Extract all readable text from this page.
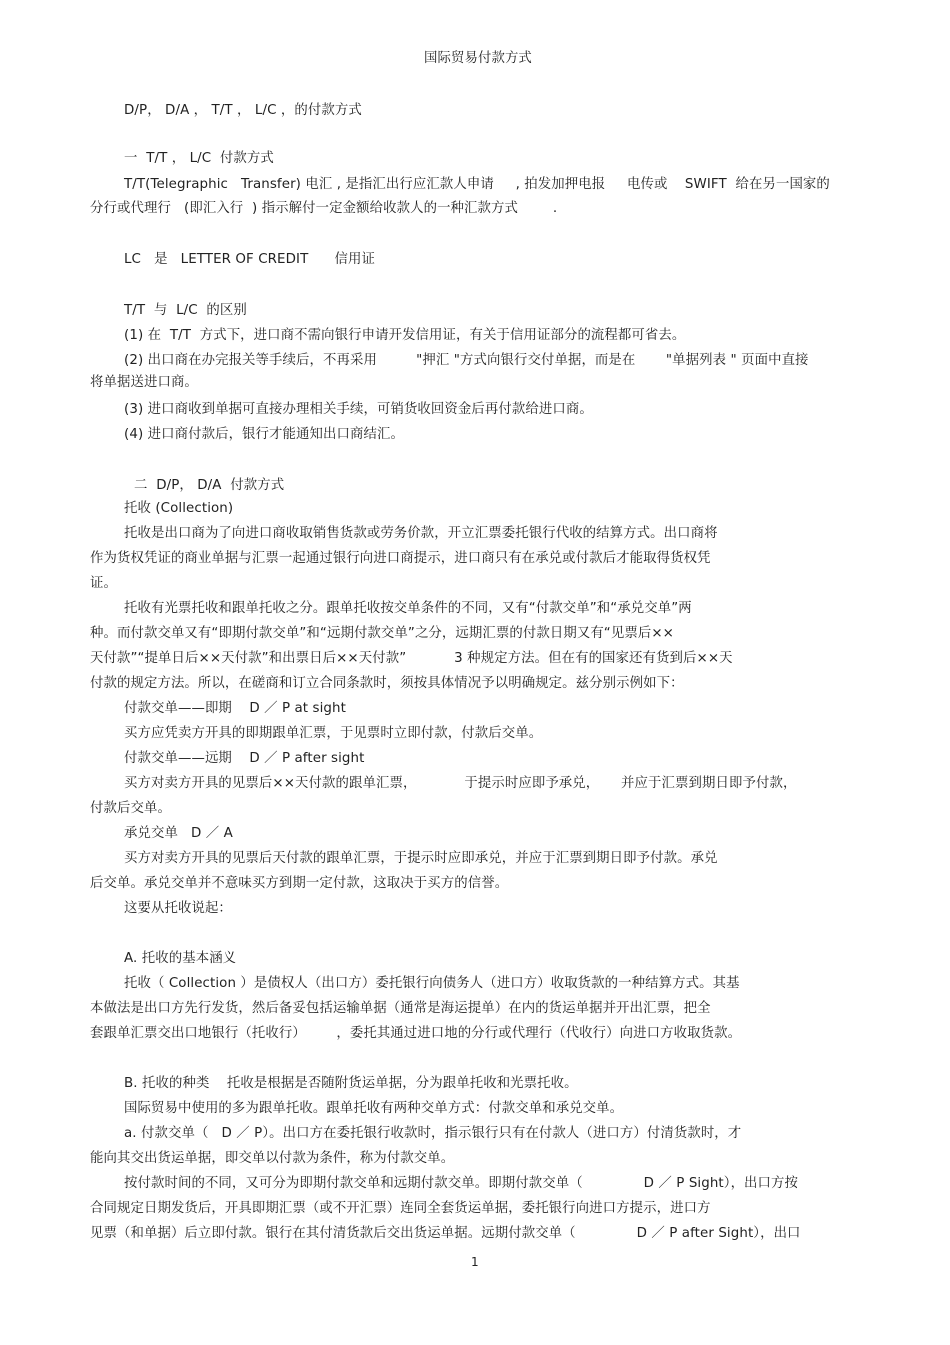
国际贸易付款方式
D/P， D/A ， T/T ， L/C ，的付款方式
一  T/T ， L/C  付款方式
T/T(Telegraphic   Transfer) 电汇 , 是指汇出行应汇款人申请     , 拍发加押电报     电传或    SWIFT  给在另一国家的
分行或代理行   (即汇入行  ) 指示解付一定金额给收款人的一种汇款方式        .
LC   是   LETTER OF CREDIT      信用证
T/T  与  L/C  的区别
(1) 在  T/T  方式下，进口商不需向银行申请开发信用证，有关于信用证部分的流程都可省去。
(2) 出口商在办完报关等手续后，不再采用         "押汇 "方式向银行交付单据，而是在       "单据列表 " 页面中直接
将单据送进口商。
(3) 进口商收到单据可直接办理相关手续，可销货收回资金后再付款给进口商。
(4) 进口商付款后，银行才能通知出口商结汇。
二  D/P， D/A  付款方式
托收 (Collection)
托收是出口商为了向进口商收取销售货款或劳务价款，开立汇票委托银行代收的结算方式。出口商将
作为货权凭证的商业单据与汇票一起通过银行向进口商提示，进口商只有在承兑或付款后才能取得货权凭
证。
托收有光票托收和跟单托收之分。跟单托收按交单条件的不同，又有“付款交单”和“承兑交单”两
种。而付款交单又有“即期付款交单”和“远期付款交单”之分，远期汇票的付款日期又有“见票后××
天付款”“提单日后××天付款”和出票日后××天付款”           3 种规定方法。但在有的国家还有货到后××天
付款的规定方法。所以，在磋商和订立合同条款时，须按具体情况予以明确规定。兹分别示例如下：
付款交单——即期    D ／ P at sight
买方应凭卖方开具的即期跟单汇票，于见票时立即付款，付款后交单。
付款交单——远期    D ／ P after sight
买方对卖方开具的见票后××天付款的跟单汇票，           于提示时应即予承兑，     并应于汇票到期日即予付款，
付款后交单。
承兑交单   D ／ A
买方对卖方开具的见票后天付款的跟单汇票，于提示时应即承兑，并应于汇票到期日即予付款。承兑
后交单。承兑交单并不意味买方到期一定付款，这取决于买方的信誉。
这要从托收说起：
A. 托收的基本涵义
托收（ Collection ）是债权人（出口方）委托银行向债务人（进口方）收取货款的一种结算方式。其基
本做法是出口方先行发货，然后备妥包括运输单据（通常是海运提单）在内的货运单据并开出汇票，把全
套跟单汇票交出口地银行（托收行）       ，委托其通过进口地的分行或代理行（代收行）向进口方收取货款。
B. 托收的种类    托收是根据是否随附货运单据，分为跟单托收和光票托收。
国际贸易中使用的多为跟单托收。跟单托收有两种交单方式：付款交单和承兑交单。
a. 付款交单（   D ／ P）。出口方在委托银行收款时，指示银行只有在付款人（进口方）付清货款时，才
能向其交出货运单据，即交单以付款为条件，称为付款交单。
按付款时间的不同，又可分为即期付款交单和远期付款交单。即期付款交单（              D ／ P Sight），出口方按
合同规定日期发货后，开具即期汇票（或不开汇票）连同全套货运单据，委托银行向进口方提示，进口方
见票（和单据）后立即付款。银行在其付清货款后交出货运单据。远期付款交单（              D ／ P after Sight），出口
1
